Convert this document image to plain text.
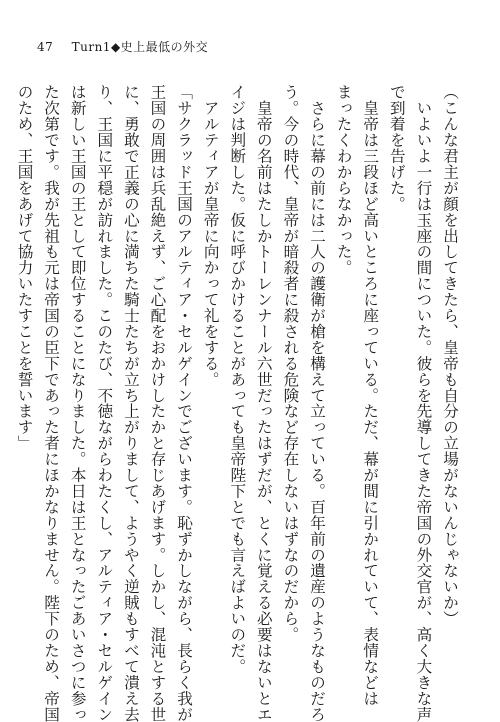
47 Turn1◆史上最低の外交
（こんな君主が顔を出してきたら、皇帝も自分の立場がないんじゃないか）
　いよいよ一行は玉座の間についた。彼らを先導してきた帝国の外交官が、高く大きな声
で到着を告げた。
　皇帝は三段ほど高いところに座っている。ただ、幕が間に引かれていて、表情などは
まったくわからなかった。
　さらに幕の前には二人の護衛が槍を構えて立っている。百年前の遺産のようなものだろ
う。今の時代、皇帝が暗殺者に殺される危険など存在しないはずなのだから。
　皇帝の名前はたしかトーレンナール六世だったはずだが、とくに覚える必要はないとエ
イジは判断した。仮に呼びかけることがあっても皇帝陛下とでも言えばよいのだ。
　アルティアが皇帝に向かって礼をする。
「サクラッド王国のアルティア・セルゲインでございます。恥ずかしながら、長らく我が
王国の周囲は兵乱絶えず、ご心配をおかけしたかと存じあげます。しかし、混沌とする世
に、勇敢で正義の心に満ちた騎士たちが立ち上がりまして、ようやく逆賊もすべて潰え去
り、王国に平穏が訪れました。このたび、不徳ながらわたくし、アルティア・セルゲイン
は新しい王国の王として即位することになりました。本日は王となったごあいさつに参っ
た次第です。我が先祖も元は帝国の臣下であった者にほかなりません。陛下のため、帝国
のため、王国をあげて協力いたすことを誓います」
